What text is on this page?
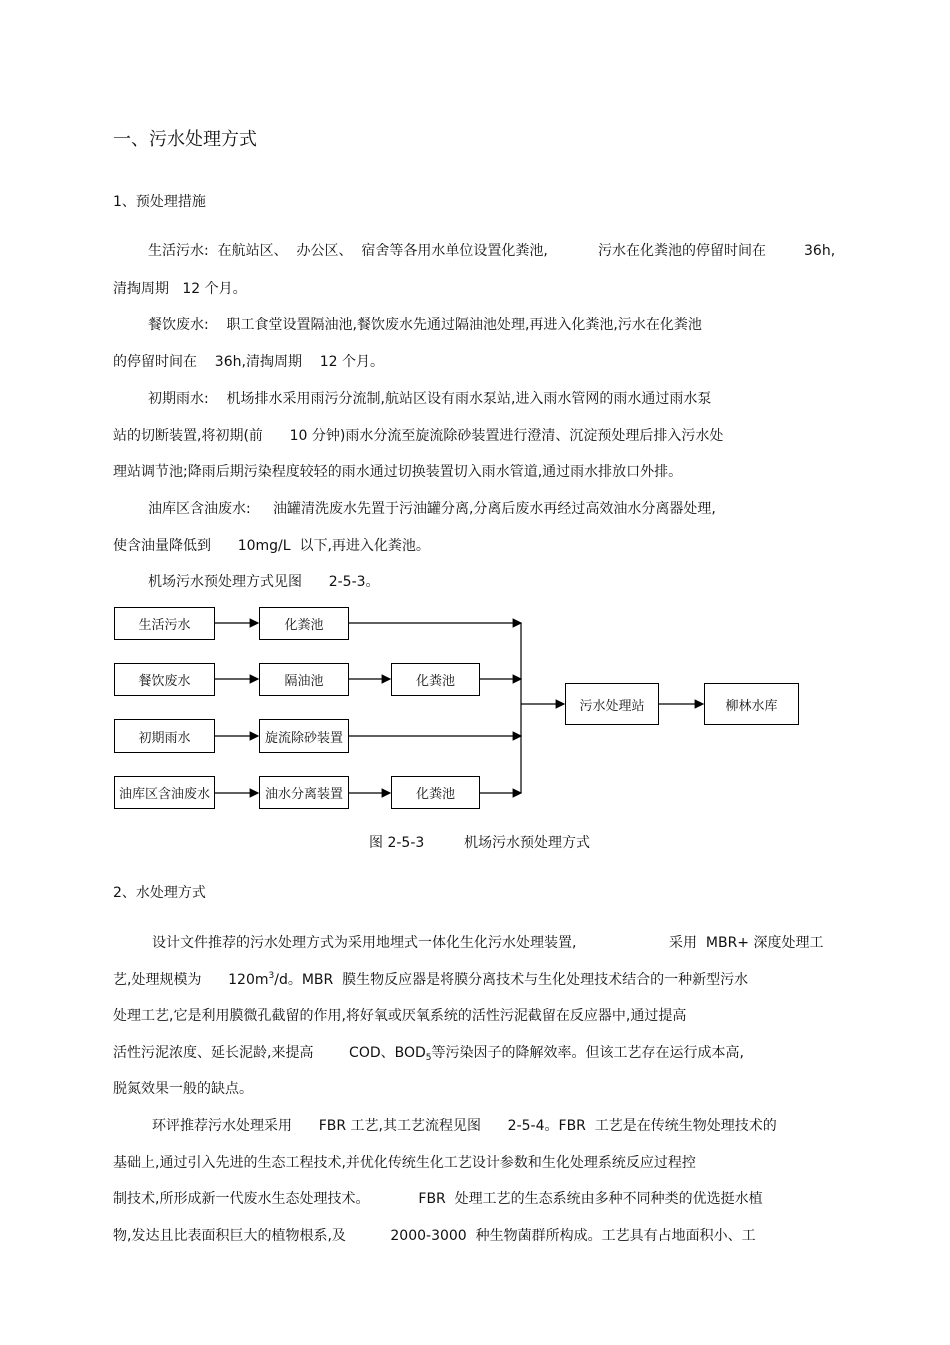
一、污水处理方式
1、预处理措施
生活污水:  在航站区、  办公区、  宿舍等各用水单位设置化粪池,	污水在化粪池的停留时间在	36h,
清掏周期   12 个月。
餐饮废水:    职工食堂设置隔油池,餐饮废水先通过隔油池处理,再进入化粪池,污水在化粪池
的停留时间在    36h,清掏周期    12 个月。
初期雨水:    机场排水采用雨污分流制,航站区设有雨水泵站,进入雨水管网的雨水通过雨水泵
站的切断装置,将初期(前      10 分钟)雨水分流至旋流除砂装置进行澄清、沉淀预处理后排入污水处
理站调节池;降雨后期污染程度较轻的雨水通过切换装置切入雨水管道,通过雨水排放口外排。
油库区含油废水:     油罐清洗废水先置于污油罐分离,分离后废水再经过高效油水分离器处理,
使含油量降低到      10mg/L  以下,再进入化粪池。
机场污水预处理方式见图      2-5-3。
生活污水	化粪池
餐饮废水	隔油池	化粪池
初期雨水	旋流除砂装置
油库区含油废水	油水分离装置	化粪池
污水处理站	柳林水库
图 2-5-3	机场污水预处理方式
2、水处理方式
设计文件推荐的污水处理方式为采用地埋式一体化生化污水处理装置,	采用  MBR+ 深度处理工
艺,处理规模为      $120m^3/d$。MBR  膜生物反应器是将膜分离技术与生化处理技术结合的一种新型污水
处理工艺,它是利用膜微孔截留的作用,将好氧或厌氧系统的活性污泥截留在反应器中,通过提高
活性污泥浓度、延长泥龄,来提高        COD、$BOD_5$等污染因子的降解效率。但该工艺存在运行成本高,
脱氮效果一般的缺点。
环评推荐污水处理采用      FBR 工艺,其工艺流程见图      2-5-4。FBR  工艺是在传统生物处理技术的
基础上,通过引入先进的生态工程技术,并优化传统生化工艺设计参数和生化处理系统反应过程控
制技术,所形成新一代废水生态处理技术。           FBR  处理工艺的生态系统由多种不同种类的优选挺水植
物,发达且比表面积巨大的植物根系,及          2000-3000  种生物菌群所构成。工艺具有占地面积小、工
